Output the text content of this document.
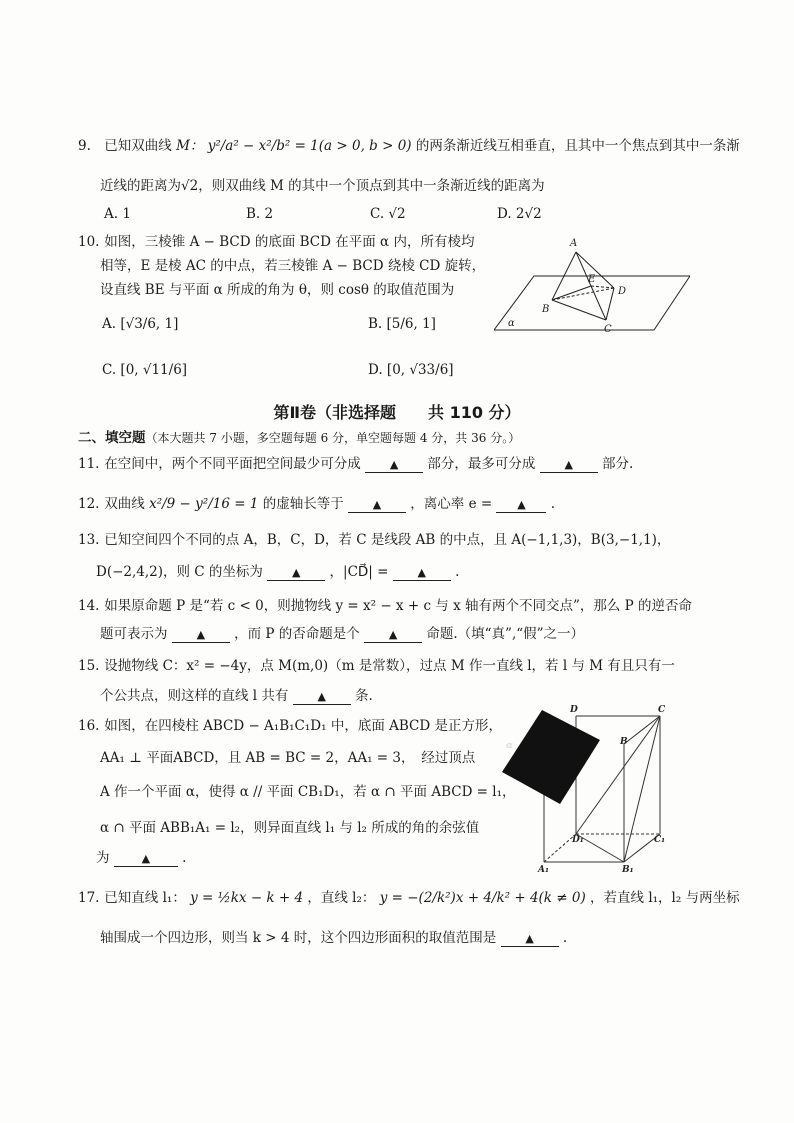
9. 已知双曲线 M： y²/a² − x²/b² = 1(a > 0, b > 0) 的两条渐近线互相垂直，且其中一个焦点到其中一条渐
近线的距离为√2，则双曲线 M 的其中一个顶点到其中一条渐近线的距离为
A. 1	B. 2	C. √2	D. 2√2
10. 如图，三棱锥 A − BCD 的底面 BCD 在平面 α 内，所有棱均
相等，E 是棱 AC 的中点，若三棱锥 A − BCD 绕棱 CD 旋转，
设直线 BE 与平面 α 所成的角为 θ，则 cosθ 的取值范围为
A. [√3/6, 1]	B. [5/6, 1]
C. [0, √11/6]	D. [0, √33/6]
A
E
D
B
C
α
第Ⅱ卷（非选择题　　共 110 分）
二、填空题（本大题共 7 小题，多空题每题 6 分，单空题每题 4 分，共 36 分。）
11. 在空间中，两个不同平面把空间最少可分成	▲ 部分，最多可分成	▲ 部分.
12. 双曲线 x²/9 − y²/16 = 1 的虚轴长等于	▲ ，离心率 e = ▲ .
13. 已知空间四个不同的点 A，B，C，D，若 C 是线段 AB 的中点，且 A(−1,1,3)，B(3,−1,1)，
D(−2,4,2)，则 C 的坐标为	▲ ，|CD⃗| =	▲ .
14. 如果原命题 P 是“若 c < 0，则抛物线 y = x² − x + c 与 x 轴有两个不同交点”，那么 P 的逆否命
题可表示为	▲ ，而 P 的否命题是个	▲ 命题.（填“真”,“假”之一）
15. 设抛物线 C：x² = −4y，点 M(m,0)（m 是常数），过点 M 作一直线 l，若 l 与 M 有且只有一
个公共点，则这样的直线 l 共有	▲ 条.
16. 如图，在四棱柱 ABCD − A₁B₁C₁D₁ 中，底面 ABCD 是正方形，
AA₁ ⊥ 平面ABCD，且 AB = BC = 2，AA₁ = 3，　经过顶点
A 作一个平面 α，使得 α // 平面 CB₁D₁，若 α ∩ 平面 ABCD = l₁，
α ∩ 平面 ABB₁A₁ = l₂，则异面直线 l₁ 与 l₂ 所成的角的余弦值
为	▲ .
D	C
α	B
D₁	C₁
A₁	B₁
17. 已知直线 l₁： y = ½kx − k + 4 ，直线 l₂： y = −(2/k²)x + 4/k² + 4(k ≠ 0) ，若直线 l₁，l₂ 与两坐标
轴围成一个四边形，则当 k > 4 时，这个四边形面积的取值范围是	▲ .
